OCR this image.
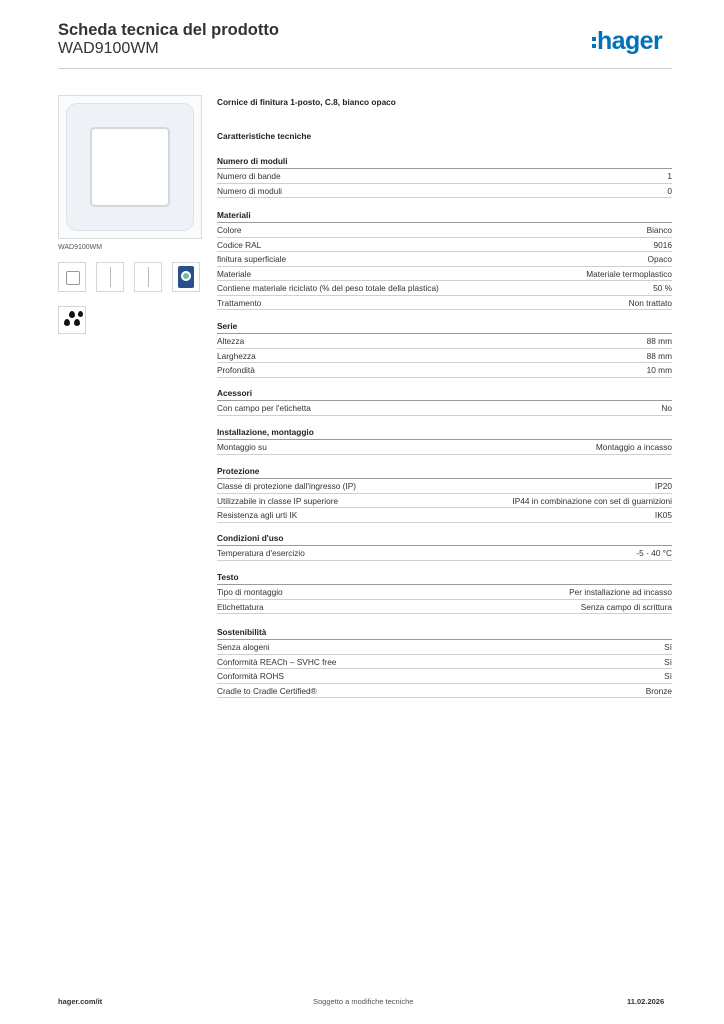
Scheda tecnica del prodotto
WAD9100WM	hager
WAD9100WM
Cornice di finitura 1-posto, C.8, bianco opaco
Caratteristiche tecniche
Numero di moduli
Numero di bande	1
Numero di moduli	0
Materiali
Colore	Bianco
Codice RAL	9016
finitura superficiale	Opaco
Materiale	Materiale termoplastico
Contiene materiale riciclato (% del peso totale della plastica)	50 %
Trattamento	Non trattato
Serie
Altezza	88 mm
Larghezza	88 mm
Profondità	10 mm
Acessori
Con campo per l'etichetta	No
Installazione, montaggio
Montaggio su	Montaggio a incasso
Protezione
Classe di protezione dall'ingresso (IP)	IP20
Utilizzabile in classe IP superiore	IP44 in combinazione con set di guarnizioni
Resistenza agli urti IK	IK05
Condizioni d'uso
Temperatura d'esercizio	-5 - 40 °C
Testo
Tipo di montaggio	Per installazione ad incasso
Etichettatura	Senza campo di scrittura
Sostenibilità
Senza alogeni	Sì
Conformità REACh – SVHC free	Sì
Conformità ROHS	Sì
Cradle to Cradle Certified®	Bronze
hager.com/it	Soggetto a modifiche tecniche	11.02.2026
